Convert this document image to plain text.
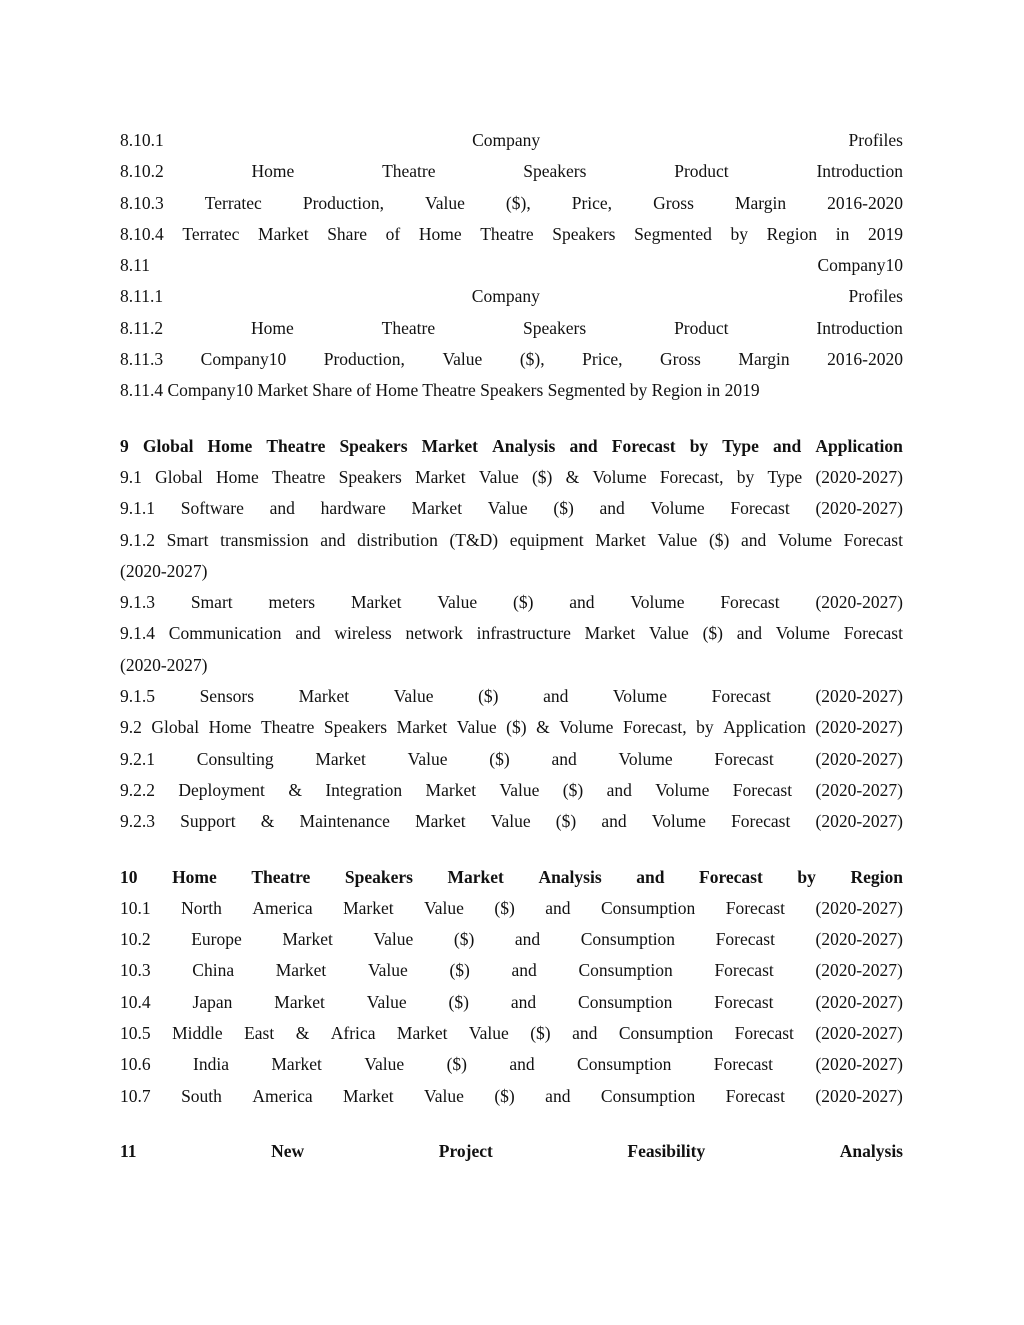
8.10.1	Company	Profiles
8.10.2	Home	Theatre	Speakers	Product	Introduction
8.10.3 Terratec Production, Value ($), Price, Gross Margin 2016-2020
8.10.4 Terratec Market Share of Home Theatre Speakers Segmented by Region in 2019
8.11	Company10
8.11.1	Company	Profiles
8.11.2	Home	Theatre	Speakers	Product	Introduction
8.11.3 Company10 Production, Value ($), Price, Gross Margin 2016-2020
8.11.4 Company10 Market Share of Home Theatre Speakers Segmented by Region in 2019
9 Global Home Theatre Speakers Market Analysis and Forecast by Type and Application
9.1 Global Home Theatre Speakers Market Value ($) & Volume Forecast, by Type (2020-2027)
9.1.1 Software and hardware Market Value ($) and Volume Forecast (2020-2027)
9.1.2 Smart transmission and distribution (T&D) equipment Market Value ($) and Volume Forecast
(2020-2027)
9.1.3 Smart meters Market Value ($) and Volume Forecast (2020-2027)
9.1.4 Communication and wireless network infrastructure Market Value ($) and Volume Forecast
(2020-2027)
9.1.5	Sensors	Market	Value	($)	and	Volume	Forecast	(2020-2027)
9.2 Global Home Theatre Speakers Market Value ($) & Volume Forecast, by Application (2020-2027)
9.2.1 Consulting Market Value ($) and Volume Forecast (2020-2027)
9.2.2 Deployment & Integration Market Value ($) and Volume Forecast (2020-2027)
9.2.3 Support & Maintenance Market Value ($) and Volume Forecast (2020-2027)
10 Home Theatre Speakers Market Analysis and Forecast by Region
10.1 North America Market Value ($) and Consumption Forecast (2020-2027)
10.2 Europe Market Value ($) and Consumption Forecast (2020-2027)
10.3 China Market Value ($) and Consumption Forecast (2020-2027)
10.4 Japan Market Value ($) and Consumption Forecast (2020-2027)
10.5 Middle East & Africa Market Value ($) and Consumption Forecast (2020-2027)
10.6 India Market Value ($) and Consumption Forecast (2020-2027)
10.7 South America Market Value ($) and Consumption Forecast (2020-2027)
11	New	Project	Feasibility	Analysis
